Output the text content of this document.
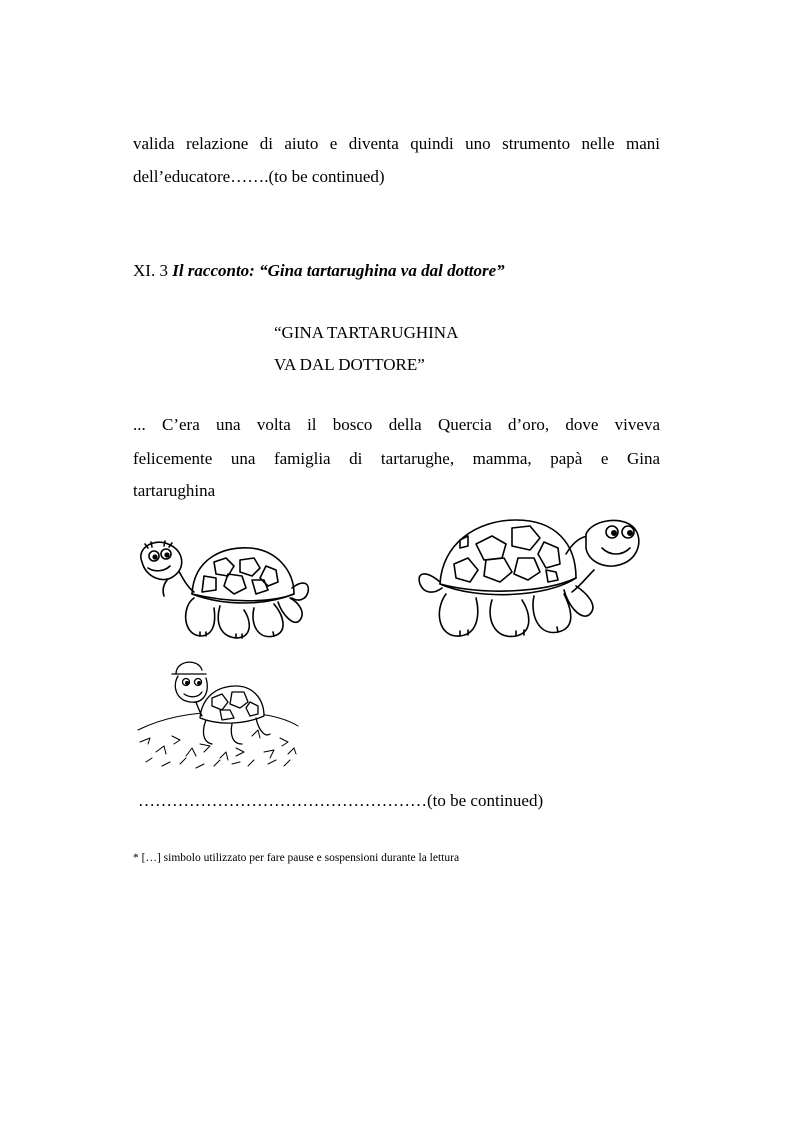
valida relazione di aiuto e diventa quindi uno strumento nelle mani
dell’educatore…….(to be continued)
XI. 3 Il racconto: “Gina tartarughina va dal dottore”
“GINA TARTARUGHINA
VA DAL DOTTORE”
... C’era una volta il bosco della Quercia d’oro, dove viveva
felicemente una famiglia di tartarughe, mamma, papà e Gina
tartarughina
……………………………………………(to be continued)
* […] simbolo utilizzato per fare pause e sospensioni durante la lettura
